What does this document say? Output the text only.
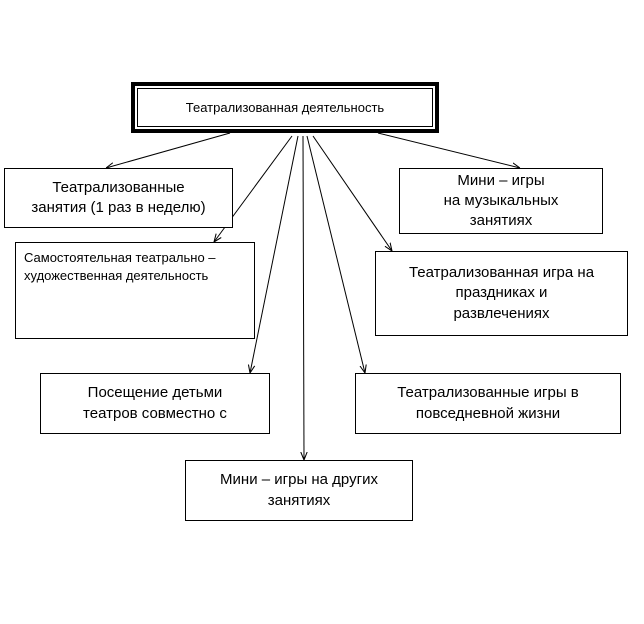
Театрализованная деятельность
Театрализованные
занятия (1 раз в неделю)
Самостоятельная театрально –
художественная деятельность
Посещение детьми
театров совместно с
Мини – игры на других
занятиях
Мини – игры
на музыкальных
занятиях
Театрализованная игра на
праздниках и
развлечениях
Театрализованные игры в
повседневной жизни
